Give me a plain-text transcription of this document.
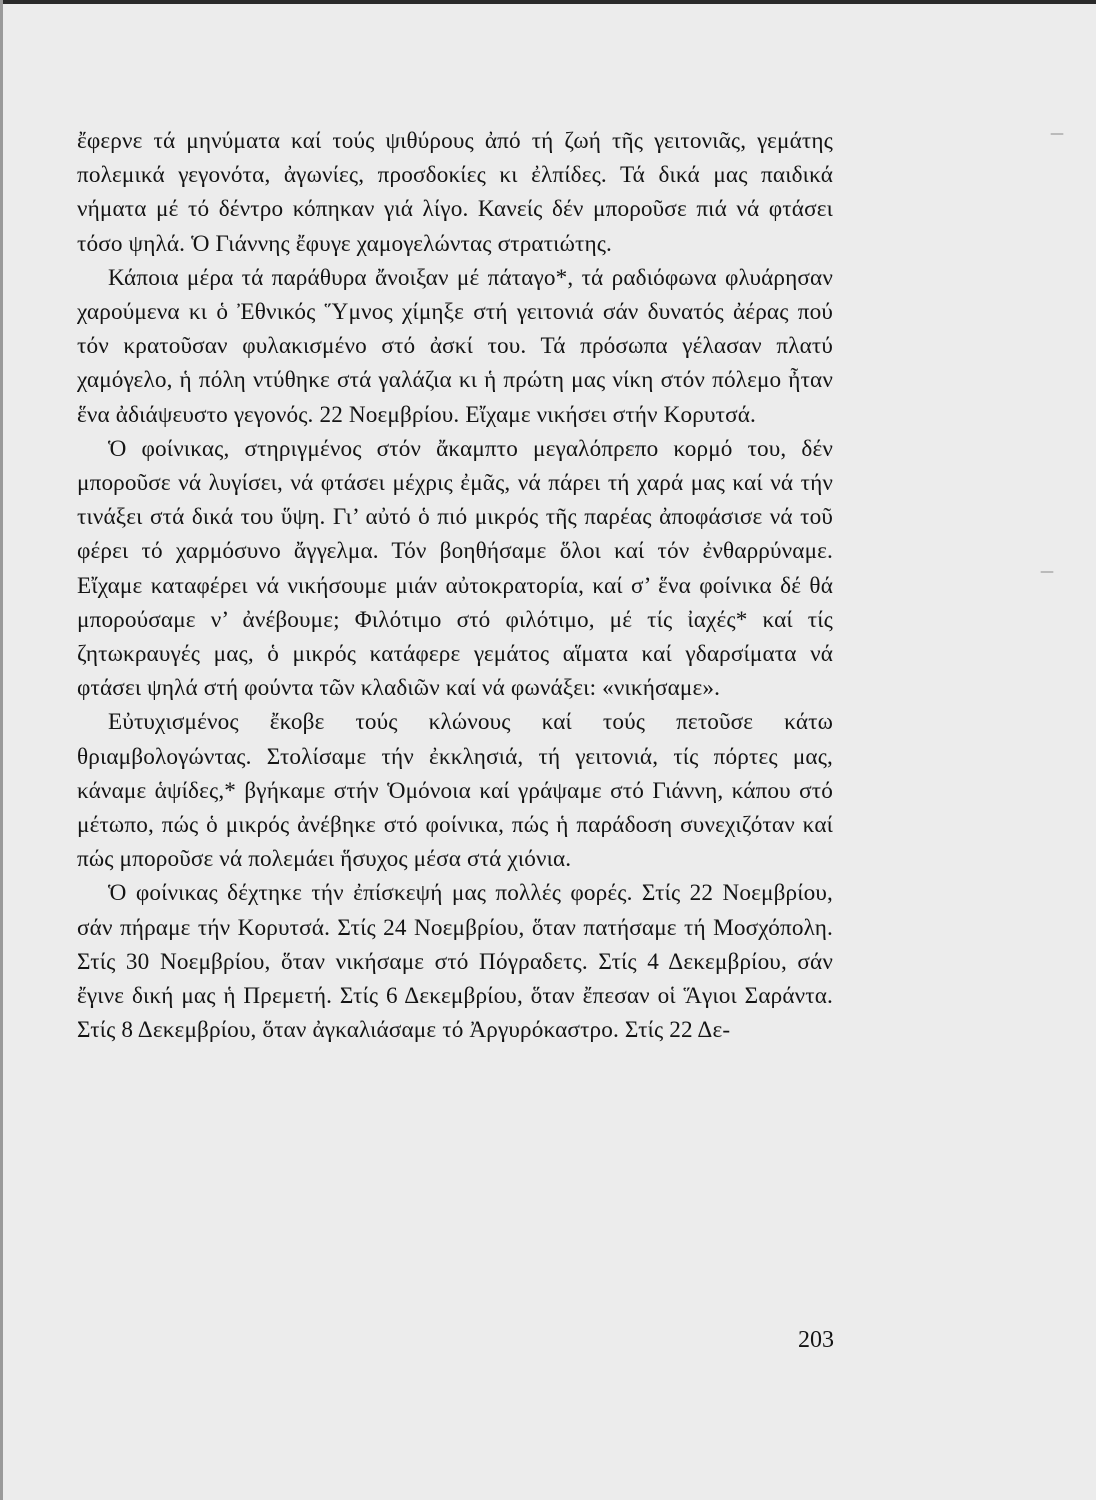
—
—

ἔφερνε τά μηνύματα καί τούς ψιθύρους ἀπό τή ζωή τῆς γειτονιᾶς, γεμάτης πολεμικά γεγονότα, ἀγωνίες, προσδοκίες κι ἐλπίδες. Τά δικά μας παιδικά νήματα μέ τό δέντρο κόπηκαν γιά λίγο. Κανείς δέν μποροῦσε πιά νά φτάσει τόσο ψηλά. Ὁ Γιάννης ἔφυγε χαμογελώντας στρατιώτης.

Κάποια μέρα τά παράθυρα ἄνοιξαν μέ πάταγο*, τά ραδιόφωνα φλυάρησαν χαρούμενα κι ὁ Ἐθνικός Ὕμνος χίμηξε στή γειτονιά σάν δυνατός ἀέρας πού τόν κρατοῦσαν φυλακισμένο στό ἀσκί του. Τά πρόσωπα γέλασαν πλατύ χαμόγελο, ἡ πόλη ντύθηκε στά γαλάζια κι ἡ πρώτη μας νίκη στόν πόλεμο ἦταν ἕνα ἀδιάψευστο γεγονός. 22 Νοεμβρίου. Εἴχαμε νικήσει στήν Κορυτσά.

Ὁ φοίνικας, στηριγμένος στόν ἄκαμπτο μεγαλόπρεπο κορμό του, δέν μποροῦσε νά λυγίσει, νά φτάσει μέχρις ἐμᾶς, νά πάρει τή χαρά μας καί νά τήν τινάξει στά δικά του ὕψη. Γι’ αὐτό ὁ πιό μικρός τῆς παρέας ἀποφάσισε νά τοῦ φέρει τό χαρμόσυνο ἄγγελμα. Τόν βοηθήσαμε ὅλοι καί τόν ἐνθαρρύναμε. Εἴχαμε καταφέρει νά νικήσουμε μιάν αὐτοκρατορία, καί σ’ ἕνα φοίνικα δέ θά μπορούσαμε ν’ ἀνέβουμε; Φιλότιμο στό φιλότιμο, μέ τίς ἰαχές* καί τίς ζητωκραυγές μας, ὁ μικρός κατάφερε γεμάτος αἵματα καί γδαρσίματα νά φτάσει ψηλά στή φούντα τῶν κλαδιῶν καί νά φωνάξει: «νικήσαμε».

Εὐτυχισμένος ἔκοβε τούς κλώνους καί τούς πετοῦσε κάτω θριαμβολογώντας. Στολίσαμε τήν ἐκκλησιά, τή γειτονιά, τίς πόρτες μας, κάναμε ἁψίδες,* βγήκαμε στήν Ὁμόνοια καί γράψαμε στό Γιάννη, κάπου στό μέτωπο, πώς ὁ μικρός ἀνέβηκε στό φοίνικα, πώς ἡ παράδοση συνεχιζόταν καί πώς μποροῦσε νά πολεμάει ἥσυχος μέσα στά χιόνια.

Ὁ φοίνικας δέχτηκε τήν ἐπίσκεψή μας πολλές φορές. Στίς 22 Νοεμβρίου, σάν πήραμε τήν Κορυτσά. Στίς 24 Νοεμβρίου, ὅταν πατήσαμε τή Μοσχόπολη. Στίς 30 Νοεμβρίου, ὅταν νικήσαμε στό Πόγραδετς. Στίς 4 Δεκεμβρίου, σάν ἔγινε δική μας ἡ Πρεμετή. Στίς 6 Δεκεμβρίου, ὅταν ἔπεσαν οἱ Ἅγιοι Σαράντα. Στίς 8 Δεκεμβρίου, ὅταν ἀγκαλιάσαμε τό Ἀργυρόκαστρο. Στίς 22 Δε-

203
